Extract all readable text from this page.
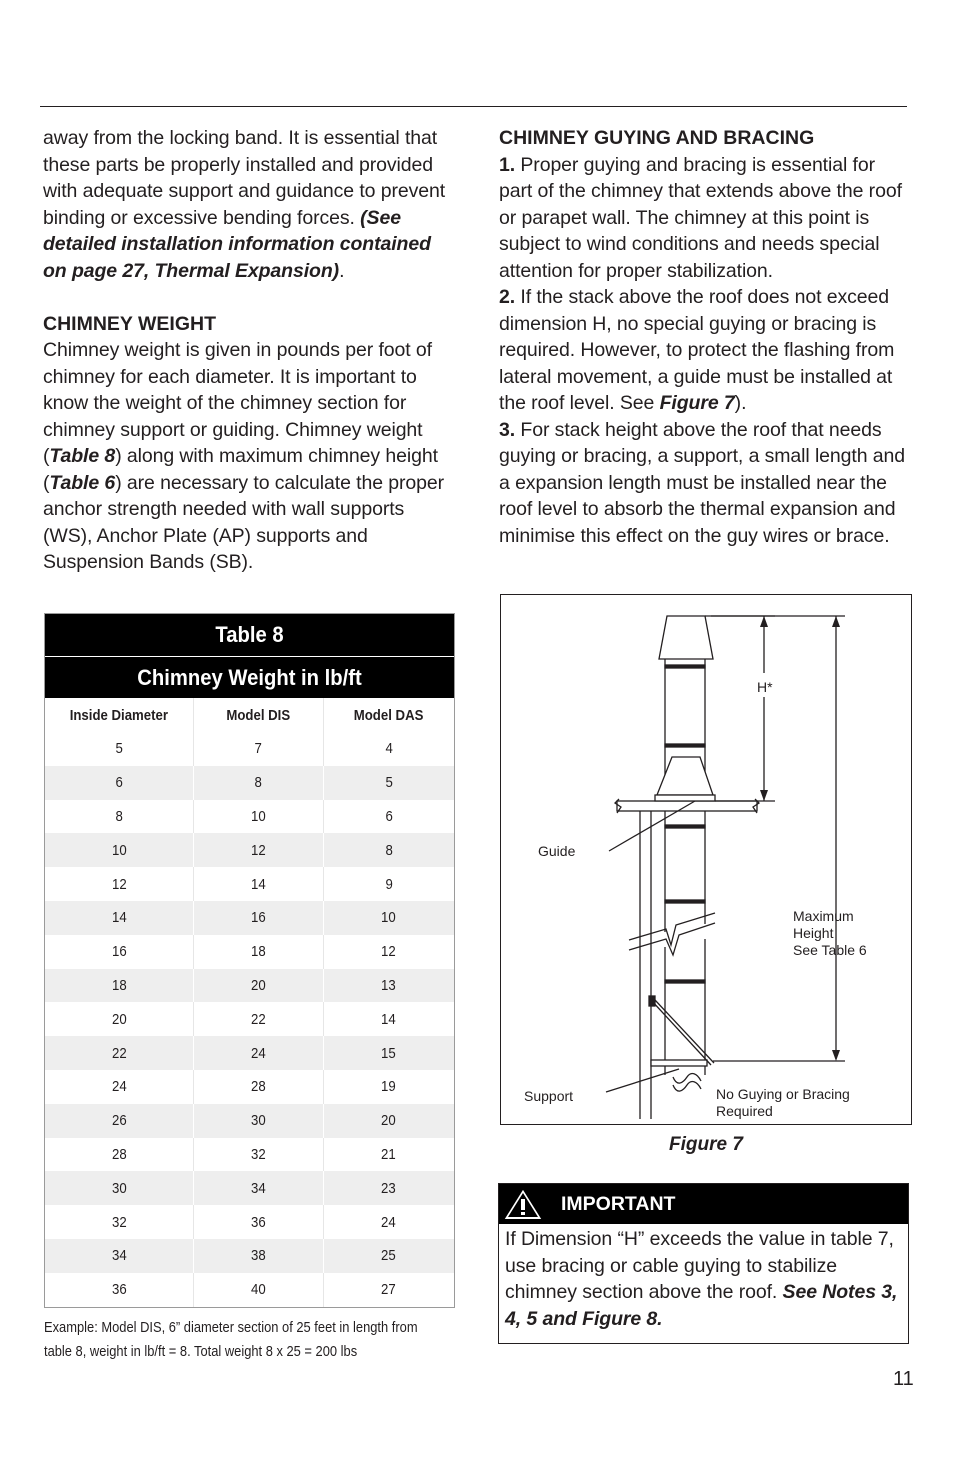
away from the locking band. It is essential that these parts be properly installed and provided with adequate support and guidance to prevent binding or excessive bending forces. (See detailed installation information contained on page 27, Thermal Expansion).

CHIMNEY WEIGHT

Chimney weight is given in pounds per foot of chimney for each diameter. It is important to know the weight of the chimney section for chimney support or guiding. Chimney weight (Table 8) along with maximum chimney height (Table 6) are necessary to calculate the proper anchor strength needed with wall supports (WS), Anchor Plate (AP) supports and Suspension Bands (SB).

Table 8
Chimney Weight in lb/ft
Inside Diameter	Model DIS	Model DAS
5	7	4
6	8	5
8	10	6
10	12	8
12	14	9
14	16	10
16	18	12
18	20	13
20	22	14
22	24	15
24	28	19
26	30	20
28	32	21
30	34	23
32	36	24
34	38	25
36	40	27
Example: Model DIS, 6” diameter section of 25 feet in length from
table 8, weight in lb/ft = 8. Total weight 8 x 25 = 200 lbs
CHIMNEY GUYING AND BRACING

1. Proper guying and bracing is essential for part of the chimney that extends above the roof or parapet wall. The chimney at this point is subject to wind conditions and needs special attention for proper stabilization.

2. If the stack above the roof does not exceed dimension H, no special guying or bracing is required. However, to protect the flashing from lateral movement, a guide must be installed at the roof level. See Figure 7).

3. For stack height above the roof that needs guying or bracing, a support, a small length and a expansion length must be installed near the roof level to absorb the thermal expansion and minimise this effect on the guy wires or brace.

H*
Guide
Maximum
Height
See Table 6
Support	No Guying or Bracing
Required
Figure 7
IMPORTANT

If Dimension “H” exceeds the value in table 7, use bracing or cable guying to stabilize chimney section above the roof. See Notes 3, 4, 5 and Figure 8.

11
